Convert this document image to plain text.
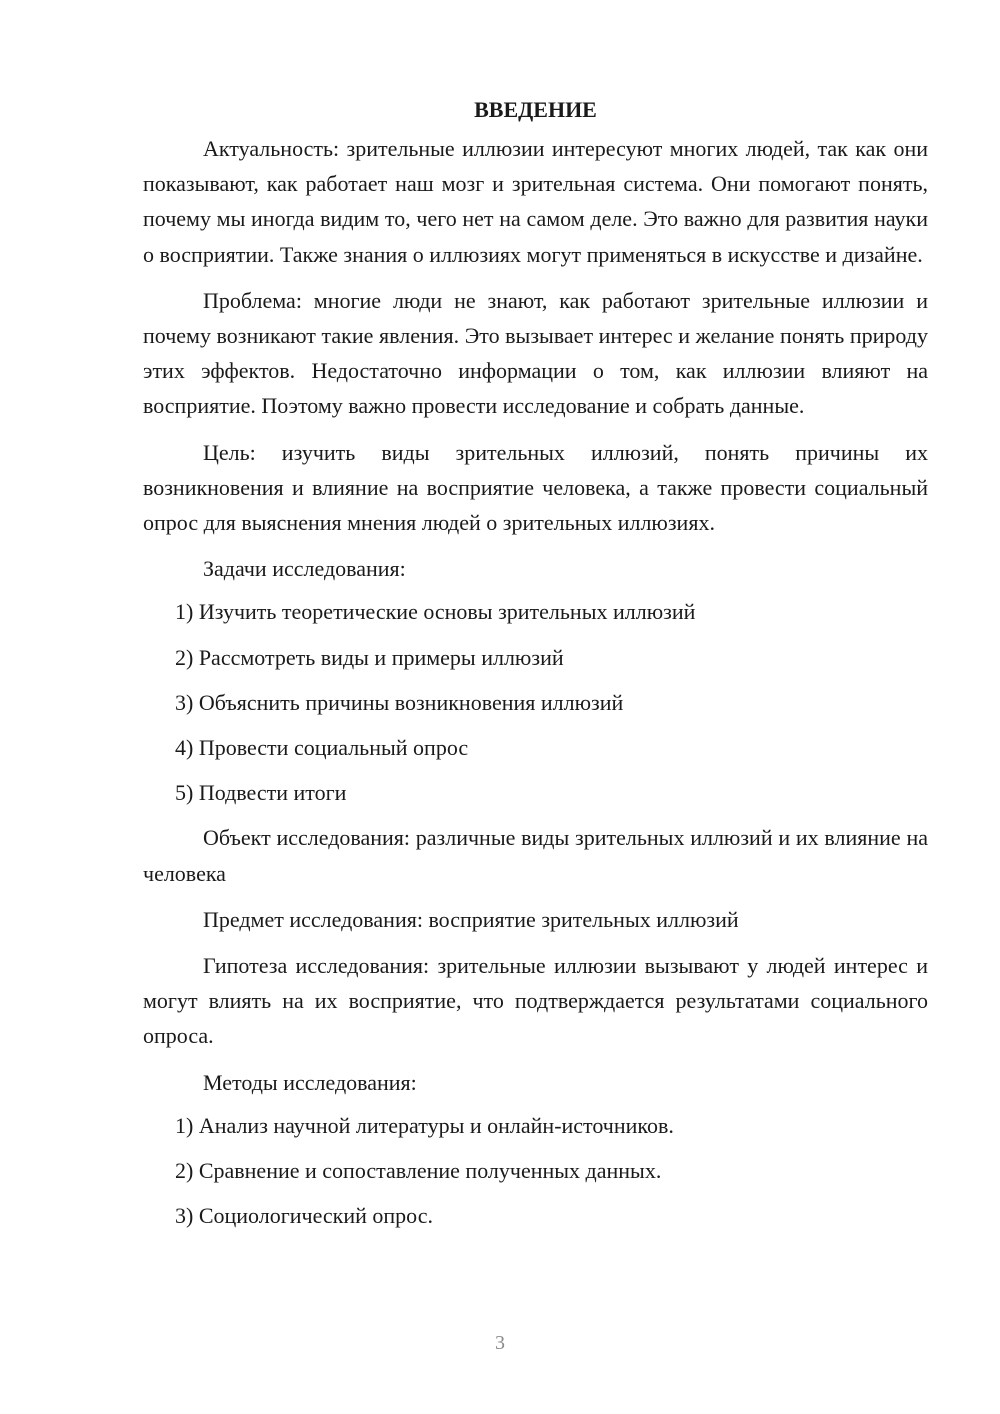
ВВЕДЕНИЕ

Актуальность: зрительные иллюзии интересуют многих людей, так как они показывают, как работает наш мозг и зрительная система. Они помогают понять, почему мы иногда видим то, чего нет на самом деле. Это важно для развития науки о восприятии. Также знания о иллюзиях могут применяться в искусстве и дизайне.

Проблема: многие люди не знают, как работают зрительные иллюзии и почему возникают такие явления. Это вызывает интерес и желание понять природу этих эффектов. Недостаточно информации о том, как иллюзии влияют на восприятие. Поэтому важно провести исследование и собрать данные.

Цель: изучить виды зрительных иллюзий, понять причины их возникновения и влияние на восприятие человека, а также провести социальный опрос для выяснения мнения людей о зрительных иллюзиях.

Задачи исследования:

1) Изучить теоретические основы зрительных иллюзий
2) Рассмотреть виды и примеры иллюзий
3) Объяснить причины возникновения иллюзий
4) Провести социальный опрос
5) Подвести итоги

Объект исследования: различные виды зрительных иллюзий и их влияние на человека

Предмет исследования: восприятие зрительных иллюзий

Гипотеза исследования: зрительные иллюзии вызывают у людей интерес и могут влиять на их восприятие, что подтверждается результатами социального опроса.

Методы исследования:

1) Анализ научной литературы и онлайн-источников.
2) Сравнение и сопоставление полученных данных.
3) Социологический опрос.
3
